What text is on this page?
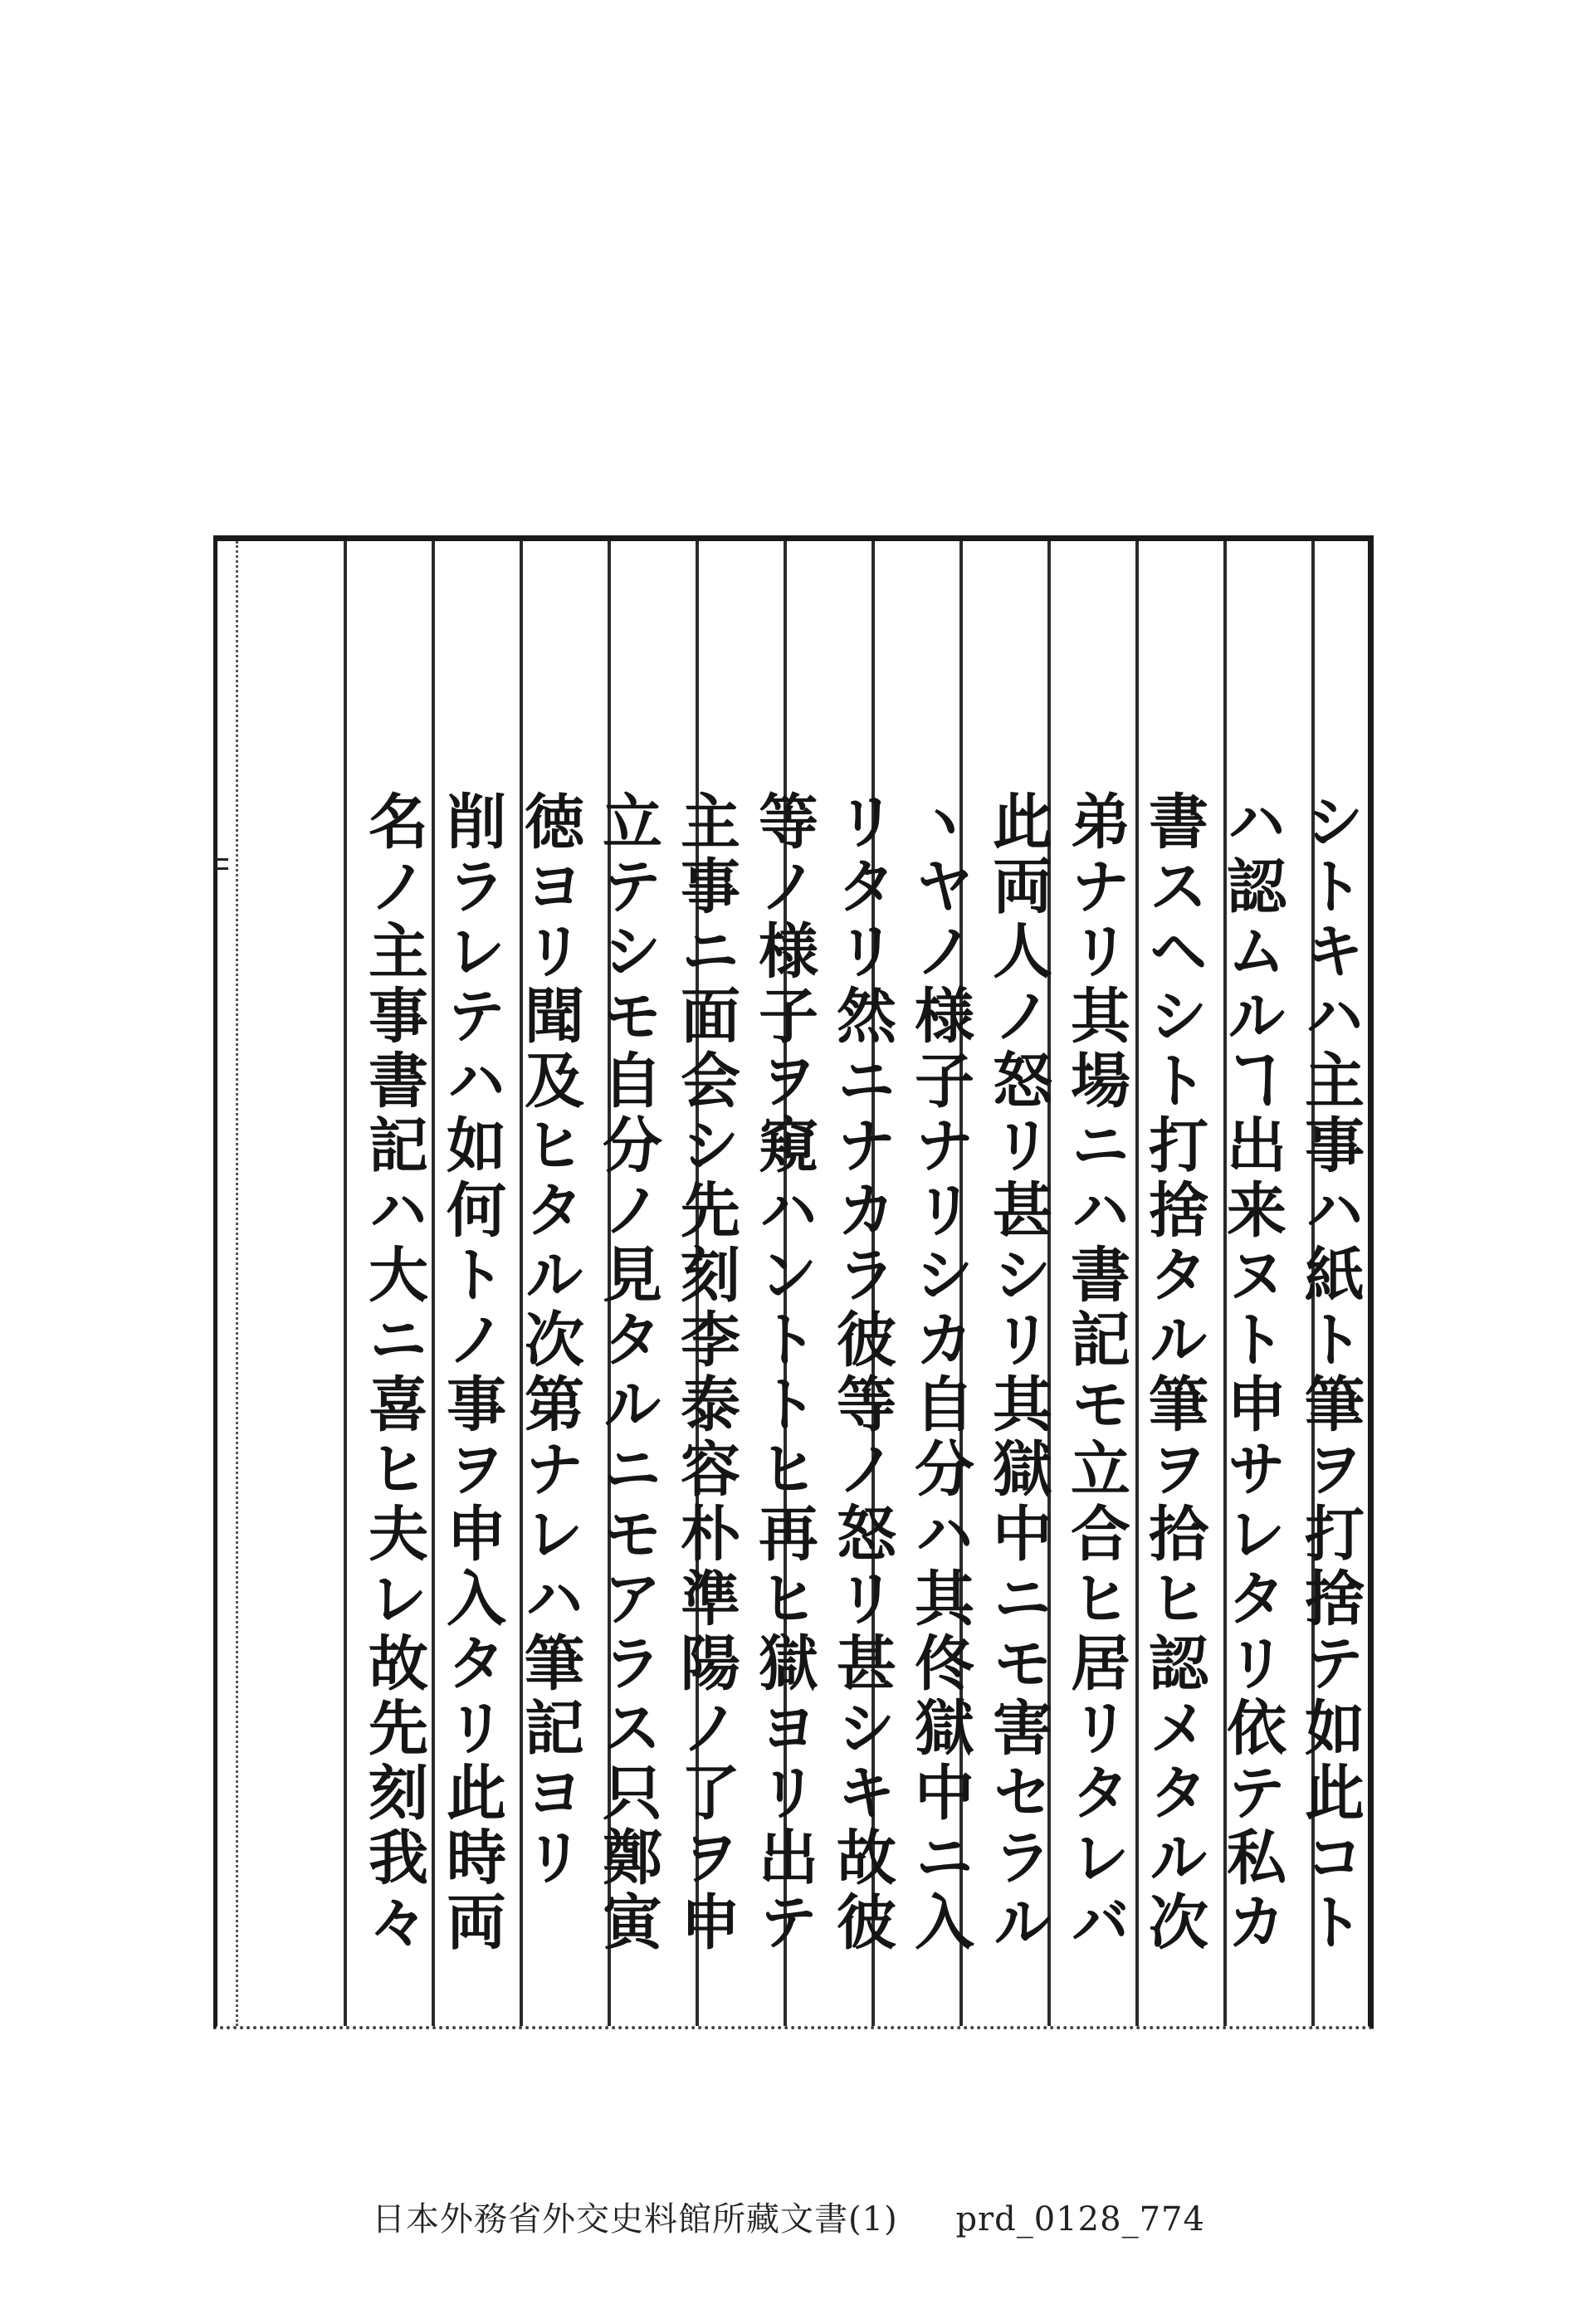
シトキハ主事ハ紙ト筆ヲ打捨テ如此コト
ハ認ムルヿ出来ヌト申サレタリ依テ私カ
書スヘシト打捨タル筆ヲ拾ヒ認メタル次
弟ナリ其場ニハ書記モ立合ヒ居リタレバ
此両人ノ怒リ甚シリ其獄中ニモ害セラル
ヽヤノ様子ナリシカ自分ハ其佟獄中ニ入
リタリ然ニナカラ彼等ノ怒リ甚シキ故彼
等ノ様子ヲ窺ハントトヒ再ヒ獄ヨリ出テ
主事ニ面会シ先刻李泰容朴準陽ノ了ヲ申
立テシモ自分ノ見タルニモアラス只鄭寅
徳ヨリ聞及ヒタル次第ナレハ筆記ヨリ
削ラレテハ如何トノ事ヲ申入タリ此時両
名ノ主事書記ハ大ニ喜ヒ夫レ故先刻我々
日本外務省外交史料館所藏文書(1) prd_0128_774
